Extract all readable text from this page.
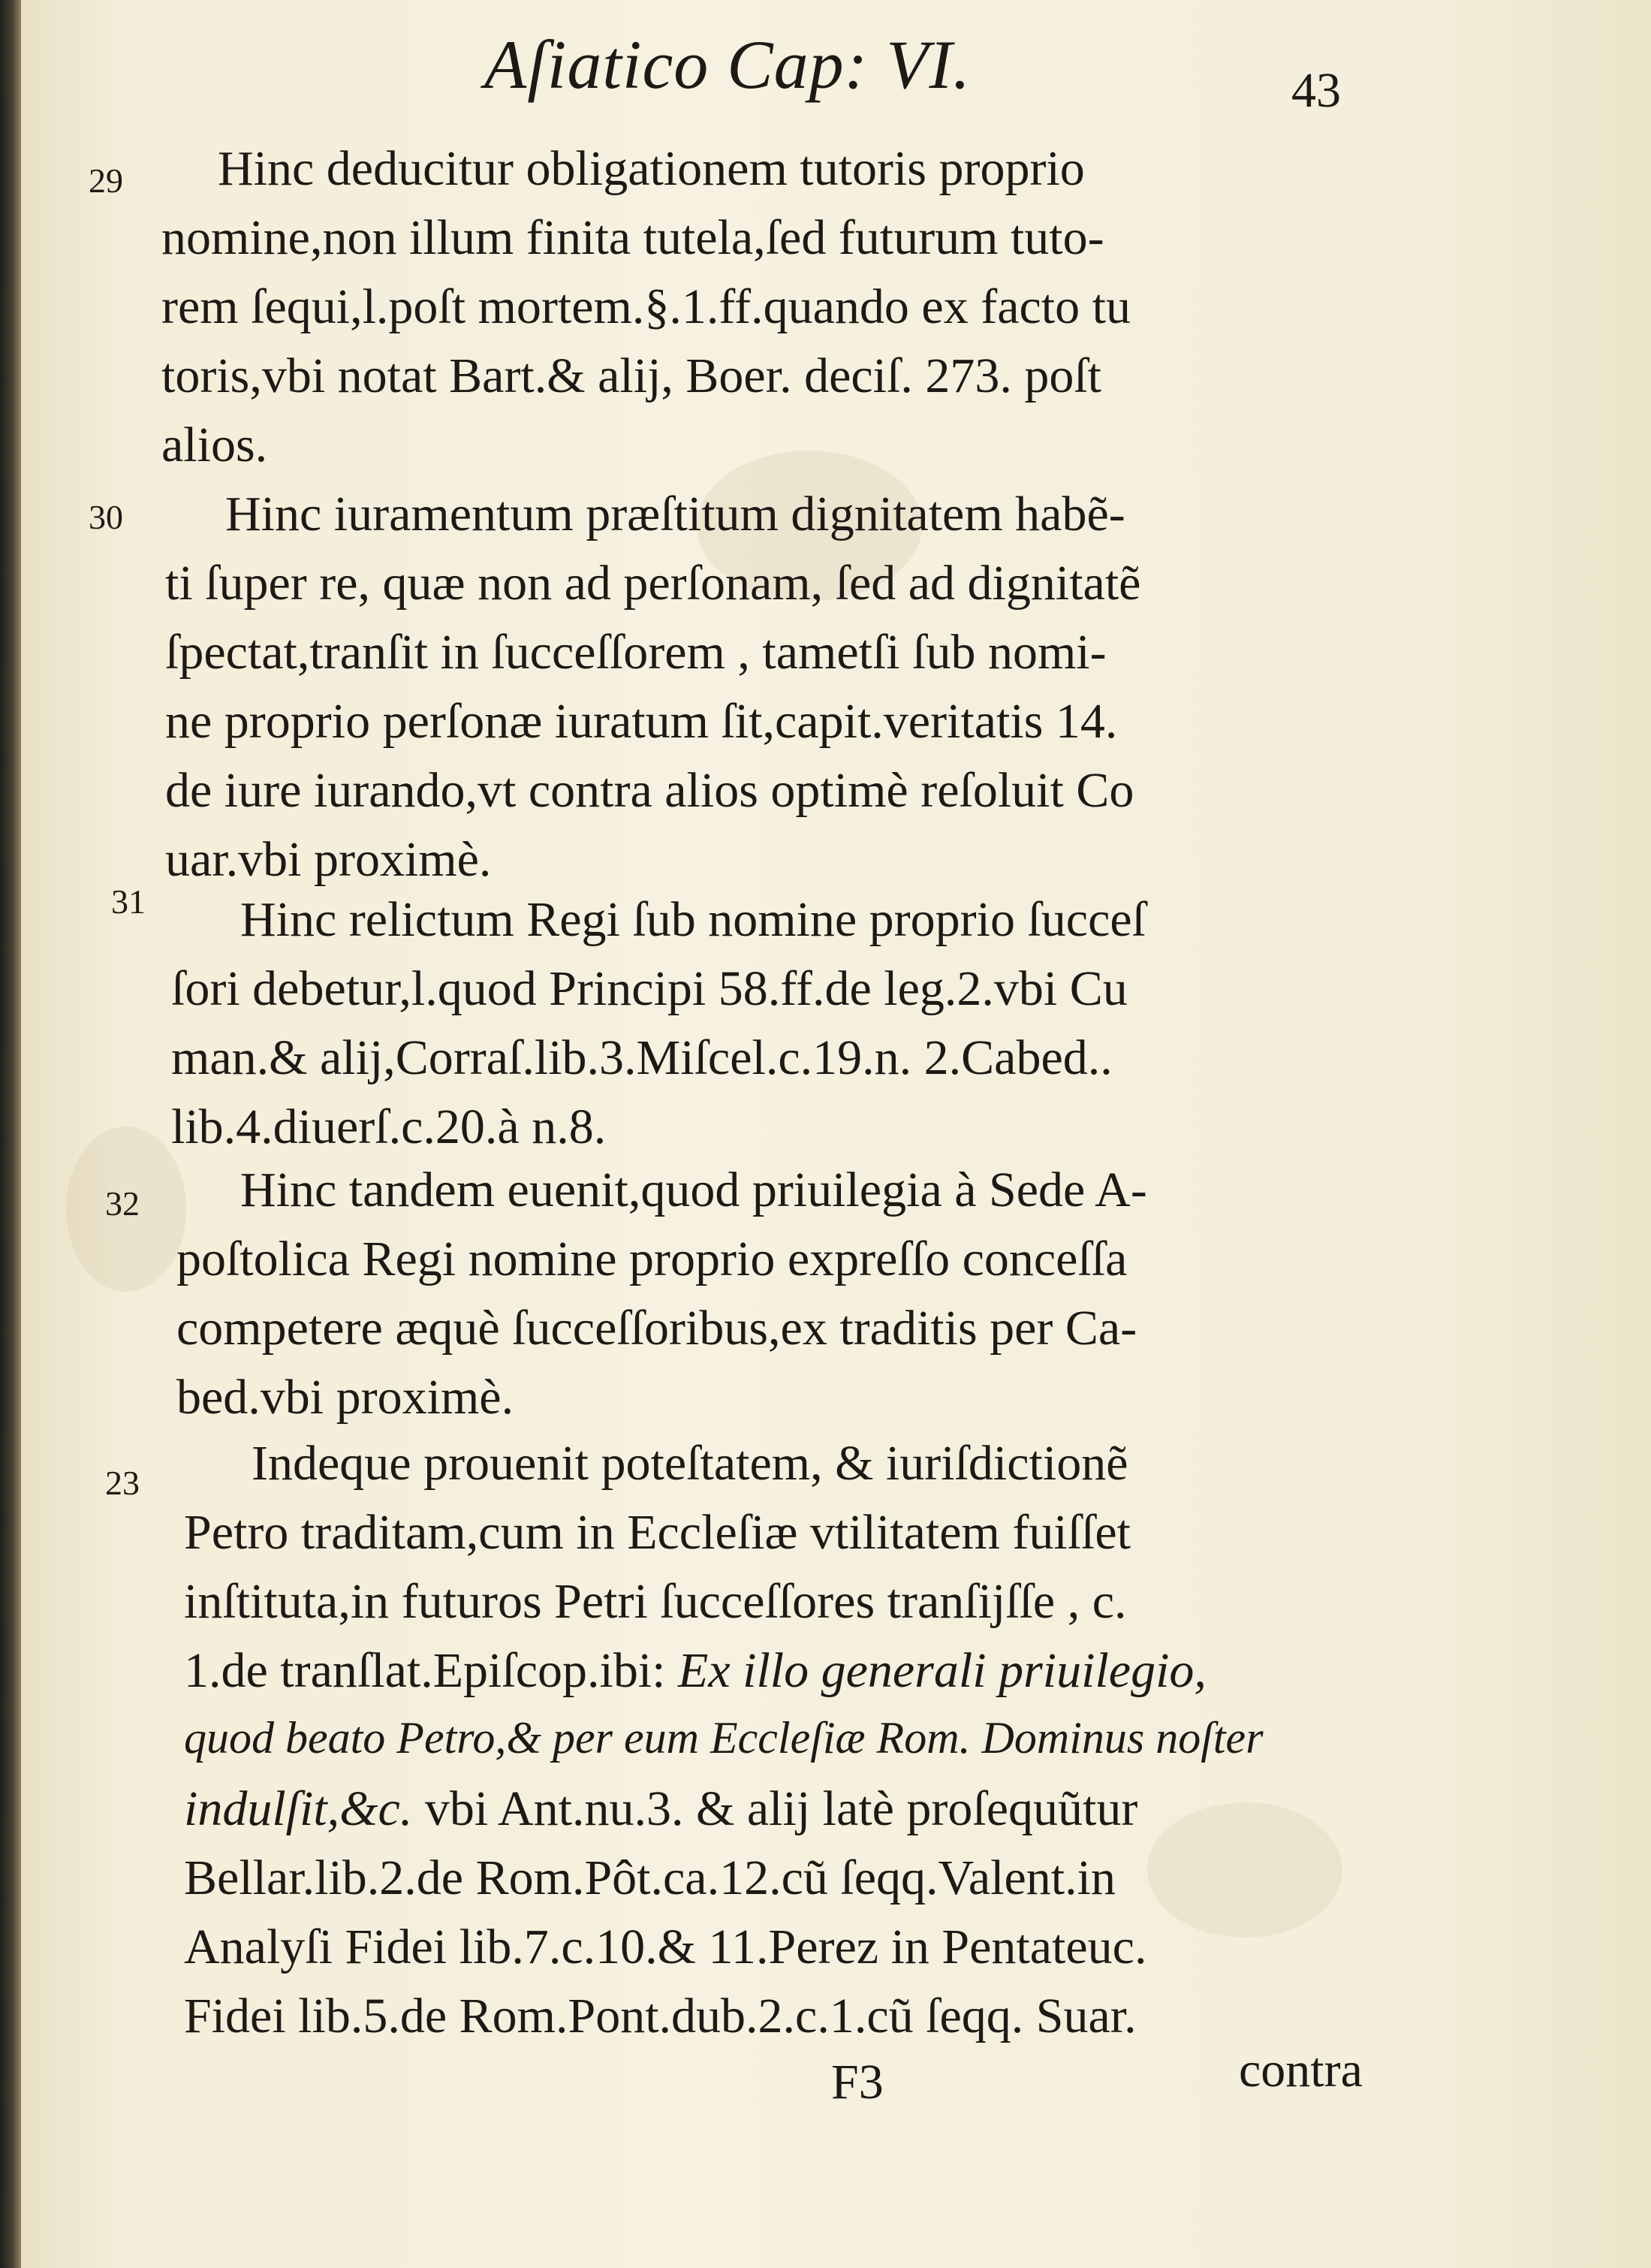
Aſiatico Cap: VI.	43
29 Hinc deducitur obligationem tutoris proprio
nomine,non illum finita tutela,ſed futurum tuto-
rem ſequi,l.poſt mortem.§.1.ff.quando ex facto tu
toris,vbi notat Bart.& alij, Boer. deciſ. 273. poſt
alios.
30 Hinc iuramentum præſtitum dignitatem habẽ-
ti ſuper re, quæ non ad perſonam, ſed ad dignitatẽ
ſpectat,tranſit in ſucceſſorem , tametſi ſub nomi-
ne proprio perſonæ iuratum ſit,capit.veritatis 14.
de iure iurando,vt contra alios optimè reſoluit Co
uar.vbi proximè.
31 Hinc relictum Regi ſub nomine proprio ſucceſ
ſori debetur,l.quod Principi 58.ff.de leg.2.vbi Cu
man.& alij,Corraſ.lib.3.Miſcel.c.19.n. 2.Cabed..
lib.4.diuerſ.c.20.à n.8.
32 Hinc tandem euenit,quod priuilegia à Sede A-
poſtolica Regi nomine proprio expreſſo conceſſa
competere æquè ſucceſſoribus,ex traditis per Ca-
bed.vbi proximè.
23 Indeque prouenit poteſtatem, & iuriſdictionẽ
Petro traditam,cum in Eccleſiæ vtilitatem fuiſſet
inſtituta,in futuros Petri ſucceſſores tranſijſſe , c.
1.de tranſlat.Epiſcop.ibi: Ex illo generali priuilegio,
quod beato Petro,& per eum Eccleſiæ Rom. Dominus noſter
indulſit,&c. vbi Ant.nu.3. & alij latè proſequũtur
Bellar.lib.2.de Rom.Pôt.ca.12.cũ ſeqq.Valent.in
Analyſi Fidei lib.7.c.10.& 11.Perez in Pentateuc.
Fidei lib.5.de Rom.Pont.dub.2.c.1.cũ ſeqq. Suar.
F3	contra
